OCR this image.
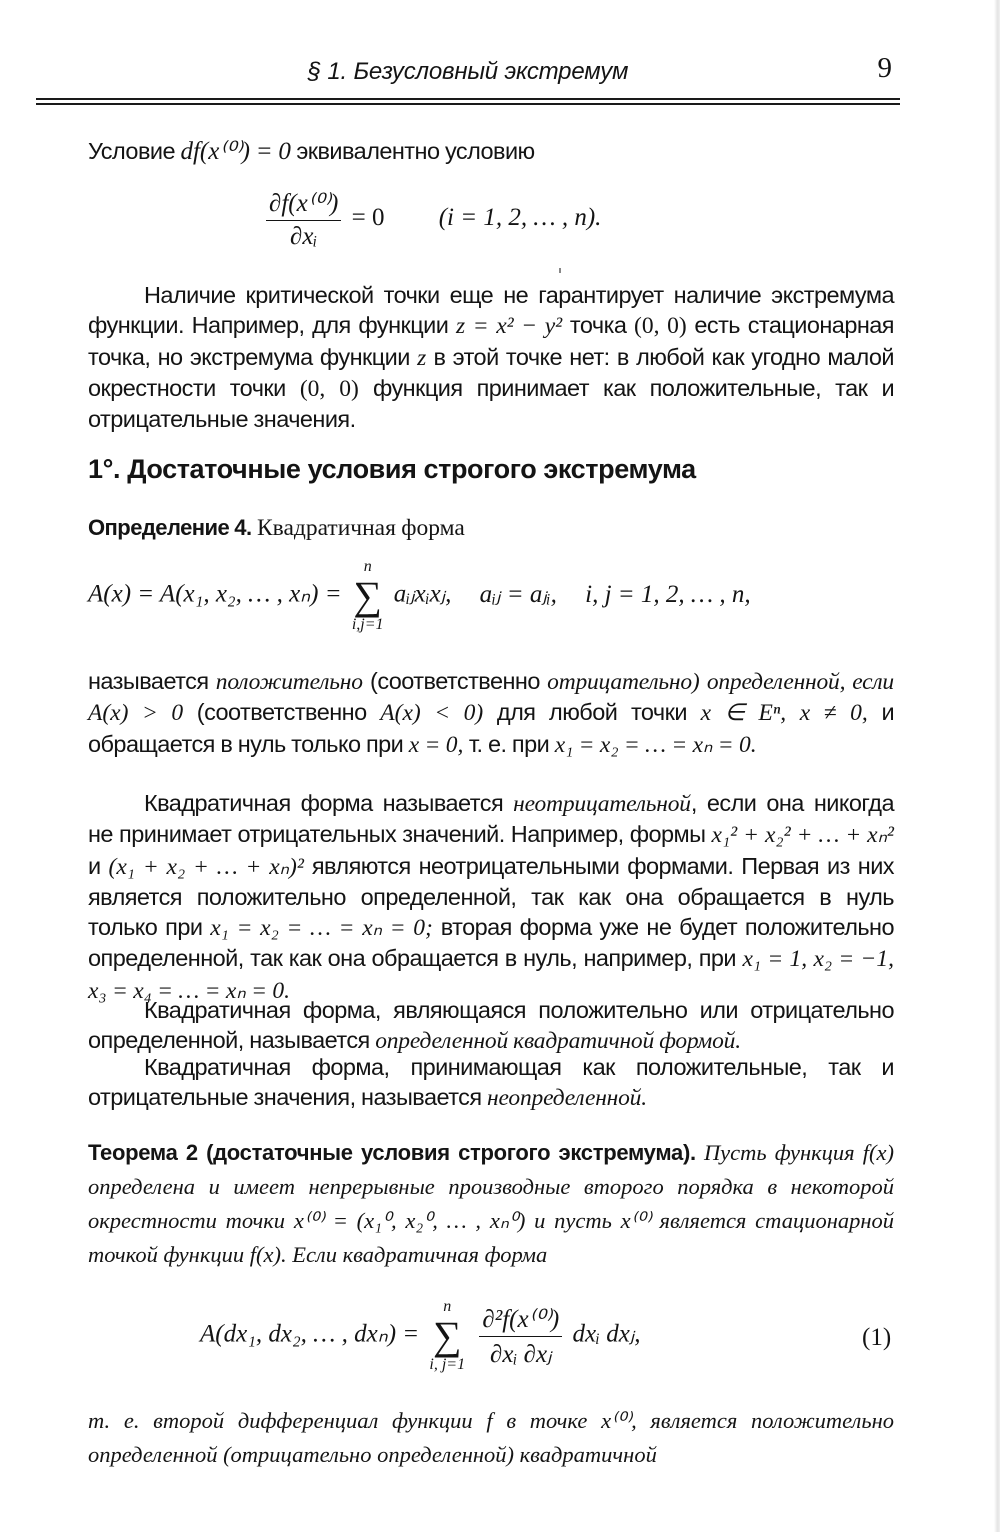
§ 1. Безусловный экстремум	9
Условие df(x⁽⁰⁾) = 0 эквивалентно условию
$\frac{\text{∂f(x⁽⁰⁾)}}{\text{∂xᵢ}} = 0$ (i = 1, 2, … , n).
Наличие критической точки еще не гарантирует наличие экстремума функции. Например, для функции z = x² − y² точка (0, 0) есть стационарная точка, но экстремума функции z в этой точке нет: в любой как угодно малой окрестности точки (0, 0) функция принимает как положительные, так и отрицательные значения.
1°. Достаточные условия строгого экстремума
Определение 4. Квадратичная форма
A(x) = A(x₁, x₂, … , xₙ) =
n
∑
i,j=1
aᵢⱼxᵢxⱼ, aᵢⱼ = aⱼᵢ, i, j = 1, 2, … , n,
называется положительно (соответственно отрицательно) определенной, если A(x) > 0 (соответственно A(x) < 0) для любой точки x ∈ Eⁿ, x ≠ 0, и обращается в нуль только при x = 0, т. е. при x₁ = x₂ = … = xₙ = 0.
Квадратичная форма называется неотрицательной, если она никогда не принимает отрицательных значений. Например, формы x₁² + x₂² + … + xₙ² и (x₁ + x₂ + … + xₙ)² являются неотрицательными формами. Первая из них является положительно определенной, так как она обращается в нуль только при x₁ = x₂ = … = xₙ = 0; вторая форма уже не будет положительно определенной, так как она обращается в нуль, например, при x₁ = 1, x₂ = −1, x₃ = x₄ = … = xₙ = 0.
Квадратичная форма, являющаяся положительно или отрицательно определенной, называется определенной квадратичной формой.
Квадратичная форма, принимающая как положительные, так и отрицательные значения, называется неопределенной.
Теорема 2 (достаточные условия строгого экстремума). Пусть функция f(x) определена и имеет непрерывные производные второго порядка в некоторой окрестности точки x⁽⁰⁾ = (x₁⁰, x₂⁰, … , xₙ⁰) и пусть x⁽⁰⁾ является стационарной точкой функции f(x). Если квадратичная форма
A(dx₁, dx₂, … , dxₙ) =
n
∑
i, j=1
$\frac{\text{∂²f(x⁽⁰⁾)}}{\text{∂xᵢ ∂xⱼ}}$ dxᵢ dxⱼ,	(1)
т. е. второй дифференциал функции f в точке x⁽⁰⁾, является положительно определенной (отрицательно определенной) квадратичной
